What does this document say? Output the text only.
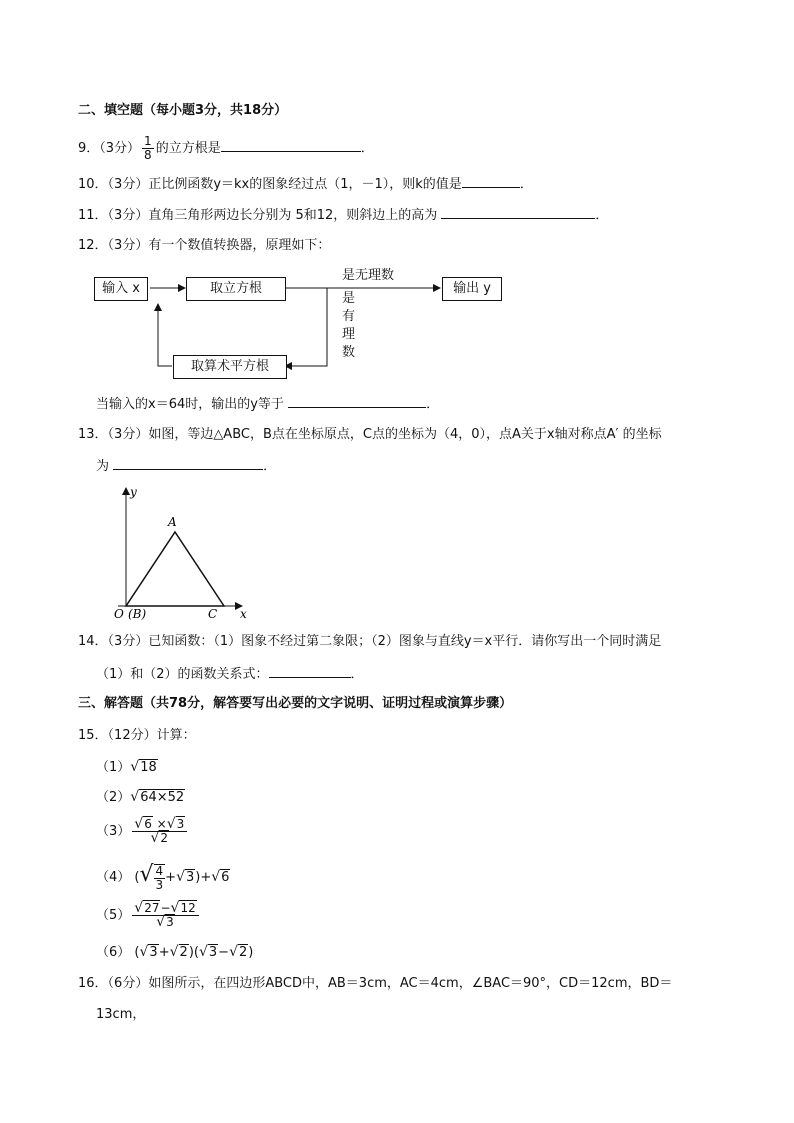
二、填空题（每小题3分，共18分）
9．（3分） $\frac{1}{8}$ 的立方根是	．
10．（3分）正比例函数y＝kx的图象经过点（1，－1），则k的值是	．
11．（3分）直角三角形两边长分别为 5和12，则斜边上的高为	．
12．（3分）有一个数值转换器，原理如下：
输入 x	取立方根	输出 y
取算术平方根
是无理数
是
有
理
数
当输入的x＝64时，输出的y等于	．
13．（3分）如图，等边△ABC，B点在坐标原点，C点的坐标为（4，0），点A关于x轴对称点A′ 的坐标
为	．
y
x
A
O (B)	C
14．（3分）已知函数：（1）图象不经过第二象限；（2）图象与直线y＝x平行．请你写出一个同时满足
（1）和（2）的函数关系式：	．
三、解答题（共78分，解答要写出必要的文字说明、证明过程或演算步骤）
15．（12分）计算：
（1）√18
（2）√64×52
$(3) \frac{√6 \times√3}{√2}$
（4） (√ $\frac{4}{3} +√3)+√6$
$(5) \frac{√27-√12}{√3}$
（6） (√3+√2)(√3−√2)
16．（6分）如图所示，在四边形ABCD中，AB＝3cm，AC＝4cm，∠BAC＝90°，CD＝12cm，BD＝
13cm，
